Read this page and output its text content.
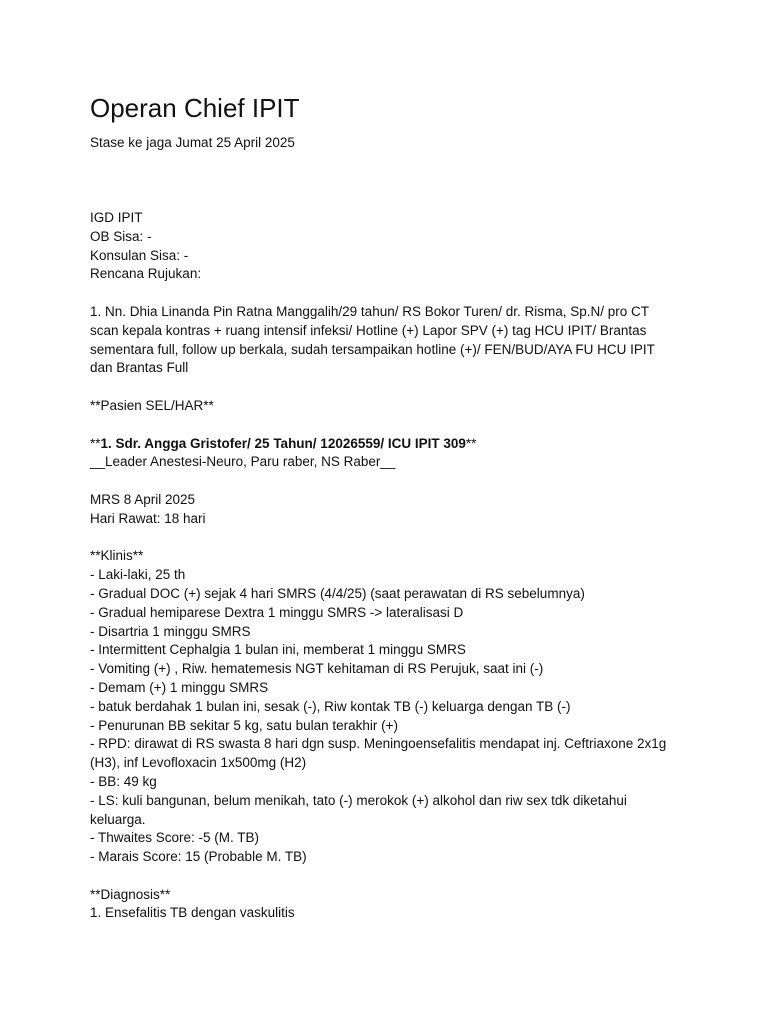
Operan Chief IPIT

Stase ke jaga Jumat 25 April 2025

IGD IPIT
OB Sisa: -
Konsulan Sisa: -
Rencana Rujukan:
1. Nn. Dhia Linanda Pin Ratna Manggalih/29 tahun/ RS Bokor Turen/ dr. Risma, Sp.N/ pro CT scan kepala kontras + ruang intensif infeksi/ Hotline (+) Lapor SPV (+) tag HCU IPIT/ Brantas sementara full, follow up berkala, sudah tersampaikan hotline (+)/ FEN/BUD/AYA FU HCU IPIT dan Brantas Full
**Pasien SEL/HAR**
**1. Sdr. Angga Gristofer/ 25 Tahun/ 12026559/ ICU IPIT 309**
__Leader Anestesi-Neuro, Paru raber, NS Raber__
MRS 8 April 2025
Hari Rawat: 18 hari
**Klinis**
- Laki-laki, 25 th
- Gradual DOC (+) sejak 4 hari SMRS (4/4/25) (saat perawatan di RS sebelumnya)
- Gradual hemiparese Dextra 1 minggu SMRS -> lateralisasi D
- Disartria 1 minggu SMRS
- Intermittent Cephalgia 1 bulan ini, memberat 1 minggu SMRS
- Vomiting (+) , Riw. hematemesis NGT kehitaman di RS Perujuk, saat ini (-)
- Demam (+) 1 minggu SMRS
- batuk berdahak 1 bulan ini, sesak (-), Riw kontak TB (-) keluarga dengan TB (-)
- Penurunan BB sekitar 5 kg, satu bulan terakhir (+)
- RPD: dirawat di RS swasta 8 hari dgn susp. Meningoensefalitis mendapat inj. Ceftriaxone 2x1g (H3), inf Levofloxacin 1x500mg (H2)
- BB: 49 kg
- LS: kuli bangunan, belum menikah, tato (-) merokok (+) alkohol dan riw sex tdk diketahui keluarga.
- Thwaites Score: -5 (M. TB)
- Marais Score: 15 (Probable M. TB)
**Diagnosis**
1. Ensefalitis TB dengan vaskulitis
